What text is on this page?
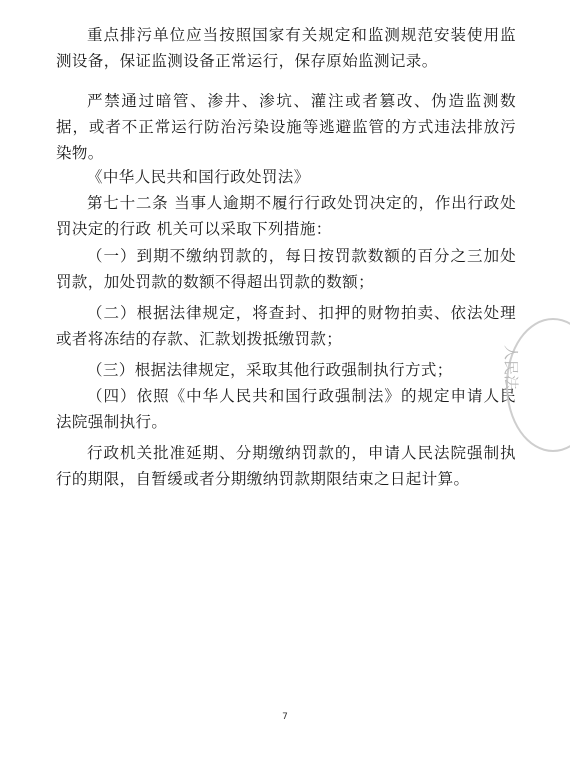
重点排污单位应当按照国家有关规定和监测规范安装使用监测设备，保证监测设备正常运行，保存原始监测记录。

严禁通过暗管、渗井、渗坑、灌注或者篡改、伪造监测数据，或者不正常运行防治污染设施等逃避监管的方式违法排放污染物。

《中华人民共和国行政处罚法》

第七十二条 当事人逾期不履行行政处罚决定的，作出行政处罚决定的行政 机关可以采取下列措施：

（一）到期不缴纳罚款的，每日按罚款数额的百分之三加处罚款，加处罚款的数额不得超出罚款的数额；

（二）根据法律规定，将查封、扣押的财物拍卖、依法处理或者将冻结的存款、汇款划拨抵缴罚款；

（三）根据法律规定，采取其他行政强制执行方式；

（四）依照《中华人民共和国行政强制法》的规定申请人民法院强制执行。

行政机关批准延期、分期缴纳罚款的，申请人民法院强制执行的期限，自暂缓或者分期缴纳罚款期限结束之日起计算。

人民法
7
